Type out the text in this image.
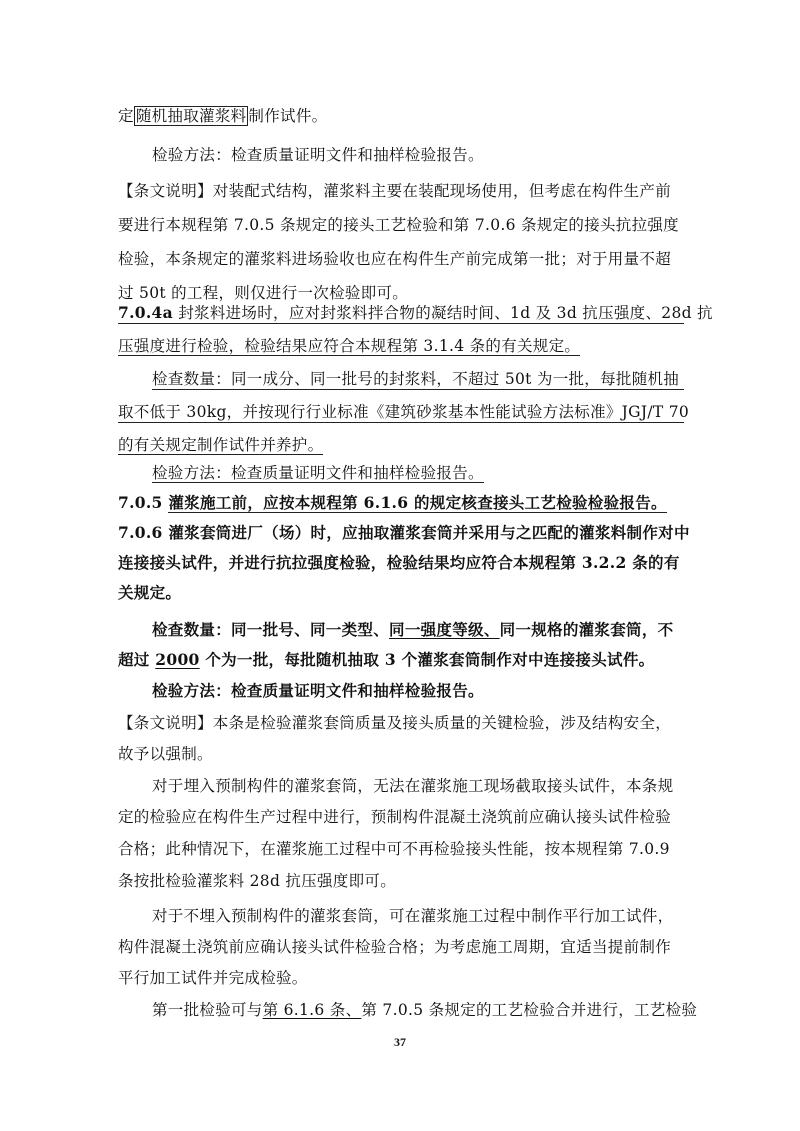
定 随机抽取灌浆料 制作试件。
检验方法：检查质量证明文件和抽样检验报告。
【条文说明】对装配式结构，灌浆料主要在装配现场使用，但考虑在构件生产前
要进行本规程第 7.0.5 条规定的接头工艺检验和第 7.0.6 条规定的接头抗拉强度
检验，本条规定的灌浆料进场验收也应在构件生产前完成第一批；对于用量不超
过 50t 的工程，则仅进行一次检验即可。
7.0.4a 封浆料进场时，应对封浆料拌合物的凝结时间、1d 及 3d 抗压强度、28d 抗
压强度进行检验，检验结果应符合本规程第 3.1.4 条的有关规定。
检查数量：同一成分、同一批号的封浆料，不超过 50t 为一批，每批随机抽
取不低于 30kg，并按现行行业标准《建筑砂浆基本性能试验方法标准》JGJ/T 70
的有关规定制作试件并养护。
检验方法：检查质量证明文件和抽样检验报告。
7.0.5 灌浆施工前，应按本规程第 6.1.6 的规定核查接头工艺检验检验报告。
7.0.6 灌浆套筒进厂（场）时，应抽取灌浆套筒并采用与之匹配的灌浆料制作对中
连接接头试件，并进行抗拉强度检验，检验结果均应符合本规程第 3.2.2 条的有
关规定。
检查数量：同一批号、同一类型、同一强度等级、同一规格的灌浆套筒，不
超过 2000 个为一批，每批随机抽取 3 个灌浆套筒制作对中连接接头试件。
检验方法：检查质量证明文件和抽样检验报告。
【条文说明】本条是检验灌浆套筒质量及接头质量的关键检验，涉及结构安全，
故予以强制。
对于埋入预制构件的灌浆套筒，无法在灌浆施工现场截取接头试件，本条规
定的检验应在构件生产过程中进行，预制构件混凝土浇筑前应确认接头试件检验
合格；此种情况下，在灌浆施工过程中可不再检验接头性能，按本规程第 7.0.9
条按批检验灌浆料 28d 抗压强度即可。
对于不埋入预制构件的灌浆套筒，可在灌浆施工过程中制作平行加工试件，
构件混凝土浇筑前应确认接头试件检验合格；为考虑施工周期，宜适当提前制作
平行加工试件并完成检验。
第一批检验可与第 6.1.6 条、第 7.0.5 条规定的工艺检验合并进行，工艺检验
37
